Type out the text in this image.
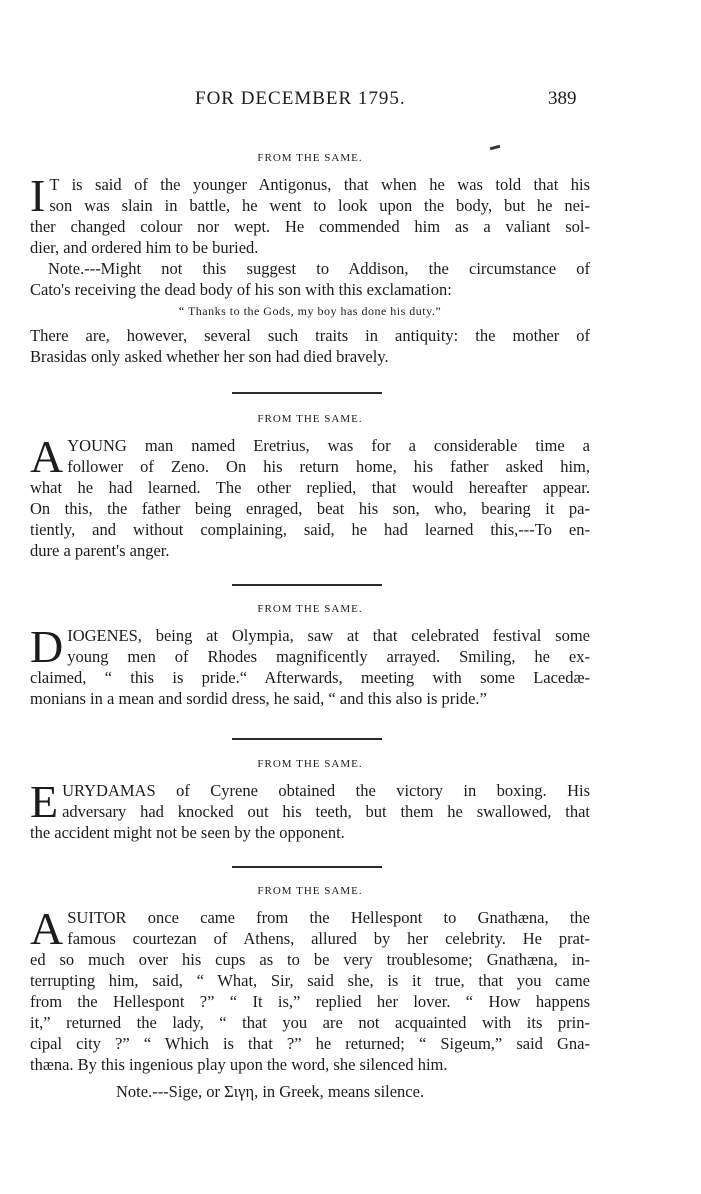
FOR DECEMBER 1795.	389
FROM THE SAME.
I T is said of the younger Antigonus, that when he was told that his
son was slain in battle, he went to look upon the body, but he nei-
ther changed colour nor wept. He commended him as a valiant sol-
dier, and ordered him to be buried.
Note.---Might not this suggest to Addison, the circumstance of
Cato's receiving the dead body of his son with this exclamation:
“ Thanks to the Gods, my boy has done his duty.”
There are, however, several such traits in antiquity: the mother of
Brasidas only asked whether her son had died bravely.
FROM THE SAME.
A YOUNG man named Eretrius, was for a considerable time a
follower of Zeno. On his return home, his father asked him,
what he had learned. The other replied, that would hereafter appear.
On this, the father being enraged, beat his son, who, bearing it pa-
tiently, and without complaining, said, he had learned this,---To en-
dure a parent's anger.
FROM THE SAME.
D IOGENES, being at Olympia, saw at that celebrated festival some
young men of Rhodes magnificently arrayed. Smiling, he ex-
claimed, “ this is pride.“ Afterwards, meeting with some Lacedæ-
monians in a mean and sordid dress, he said, “ and this also is pride.”
FROM THE SAME.
E URYDAMAS of Cyrene obtained the victory in boxing. His
adversary had knocked out his teeth, but them he swallowed, that
the accident might not be seen by the opponent.
FROM THE SAME.
A SUITOR once came from the Hellespont to Gnathæna, the
famous courtezan of Athens, allured by her celebrity. He prat-
ed so much over his cups as to be very troublesome; Gnathæna, in-
terrupting him, said, “ What, Sir, said she, is it true, that you came
from the Hellespont ?” “ It is,” replied her lover. “ How happens
it,” returned the lady, “ that you are not acquainted with its prin-
cipal city ?” “ Which is that ?” he returned; “ Sigeum,” said Gna-
thæna. By this ingenious play upon the word, she silenced him.
Note.---Sige, or Σιγη, in Greek, means silence.
